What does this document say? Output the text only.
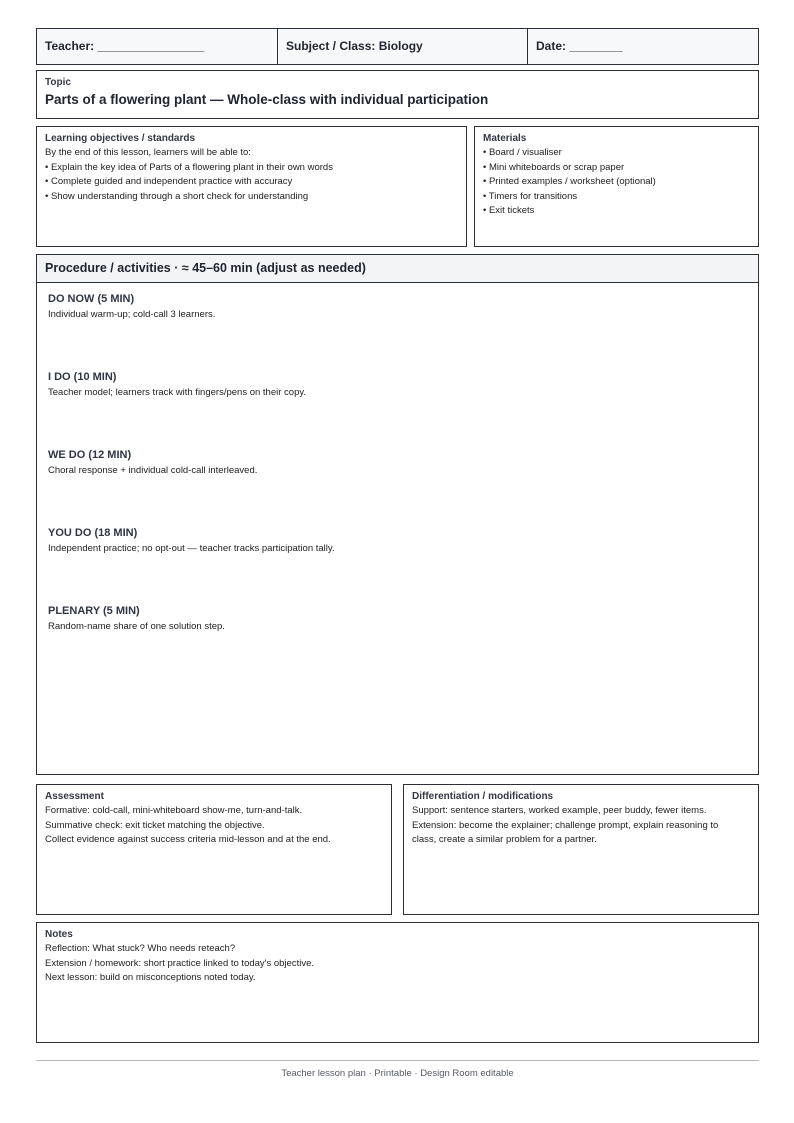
Teacher: ________________	Subject / Class: Biology	Date: ________
Topic
Parts of a flowering plant — Whole-class with individual participation
Learning objectives / standards
By the end of this lesson, learners will be able to:
• Explain the key idea of Parts of a flowering plant in their own words
• Complete guided and independent practice with accuracy
• Show understanding through a short check for understanding
Materials
• Board / visualiser
• Mini whiteboards or scrap paper
• Printed examples / worksheet (optional)
• Timers for transitions
• Exit tickets
Procedure / activities · ≈ 45–60 min (adjust as needed)
DO NOW (5 MIN)
Individual warm-up; cold-call 3 learners.
I DO (10 MIN)
Teacher model; learners track with fingers/pens on their copy.
WE DO (12 MIN)
Choral response + individual cold-call interleaved.
YOU DO (18 MIN)
Independent practice; no opt-out — teacher tracks participation tally.
PLENARY (5 MIN)
Random-name share of one solution step.
Assessment
Formative: cold-call, mini-whiteboard show-me, turn-and-talk.
Summative check: exit ticket matching the objective.
Collect evidence against success criteria mid-lesson and at the end.
Differentiation / modifications
Support: sentence starters, worked example, peer buddy, fewer items.
Extension: become the explainer; challenge prompt, explain reasoning to
class, create a similar problem for a partner.
Notes
Reflection: What stuck? Who needs reteach?
Extension / homework: short practice linked to today's objective.
Next lesson: build on misconceptions noted today.
Teacher lesson plan · Printable · Design Room editable
